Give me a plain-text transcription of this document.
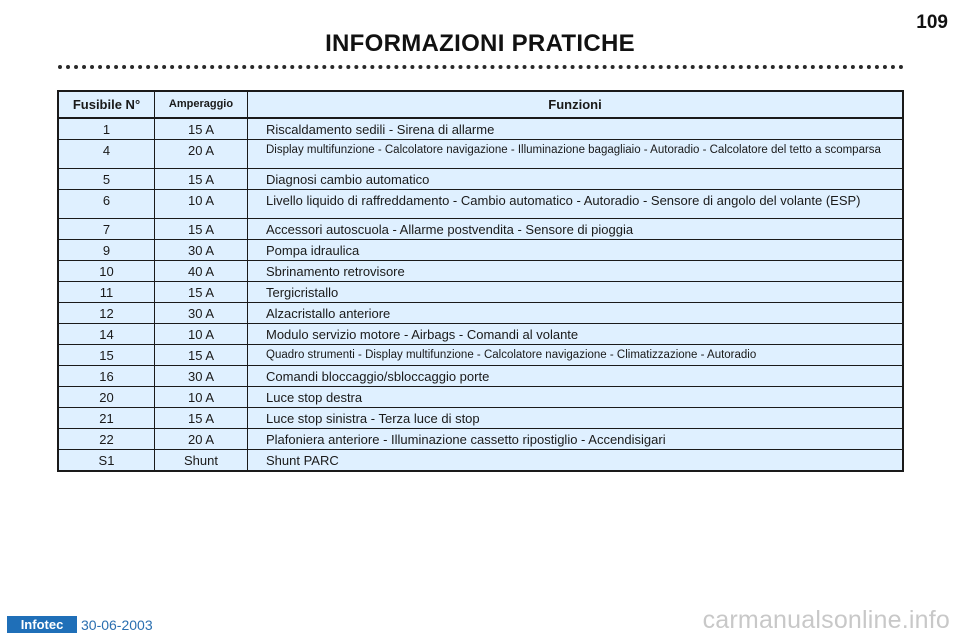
109
INFORMAZIONI PRATICHE
Fusibile N°	Amperaggio	Funzioni
1	15 A	Riscaldamento sedili - Sirena di allarme
4	20 A	Display multifunzione - Calcolatore navigazione - Illuminazione bagagliaio - Autoradio - Calcolatore del tetto a scomparsa
5	15 A	Diagnosi cambio automatico
6	10 A	Livello liquido di raffreddamento - Cambio automatico - Autoradio - Sensore di angolo del volante (ESP)
7	15 A	Accessori autoscuola - Allarme postvendita - Sensore di pioggia
9	30 A	Pompa idraulica
10	40 A	Sbrinamento retrovisore
11	15 A	Tergicristallo
12	30 A	Alzacristallo anteriore
14	10 A	Modulo servizio motore - Airbags - Comandi al volante
15	15 A	Quadro strumenti - Display multifunzione - Calcolatore navigazione - Climatizzazione - Autoradio
16	30 A	Comandi bloccaggio/sbloccaggio porte
20	10 A	Luce stop destra
21	15 A	Luce stop sinistra - Terza luce di stop
22	20 A	Plafoniera anteriore - Illuminazione cassetto ripostiglio - Accendisigari
S1	Shunt	Shunt PARC
Infotec	30-06-2003	carmanualsonline.info
